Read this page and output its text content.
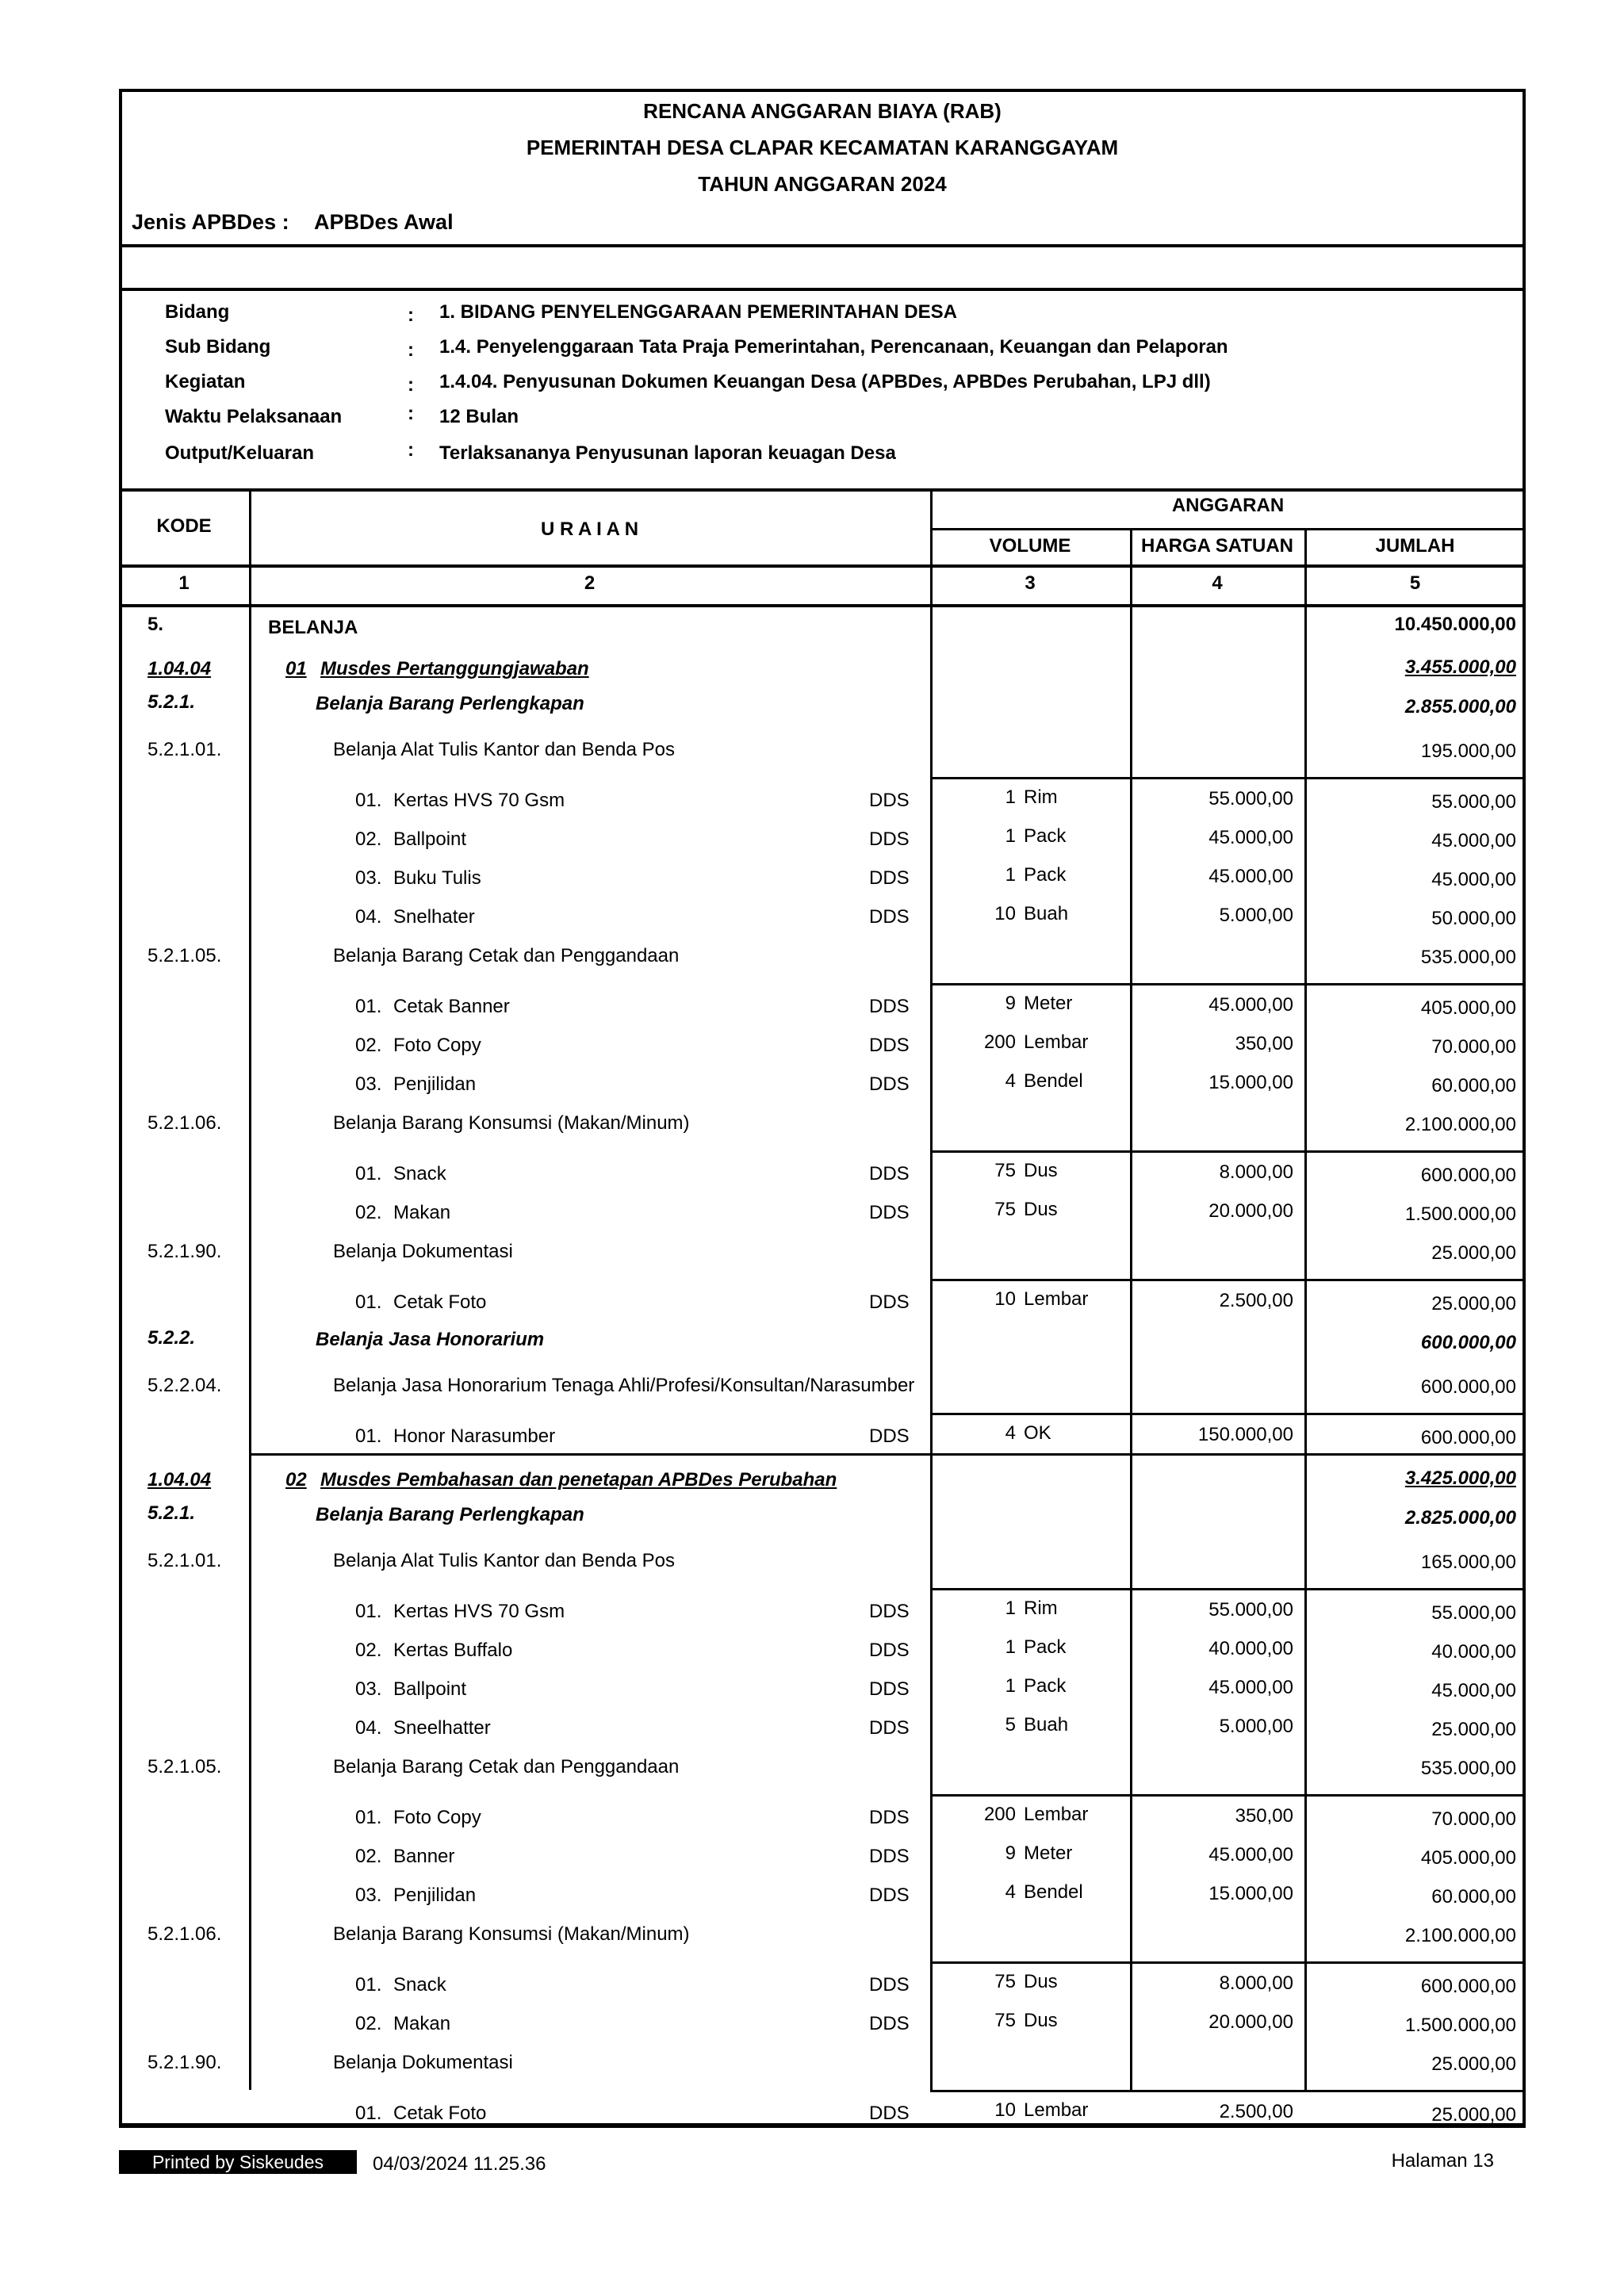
RENCANA ANGGARAN BIAYA (RAB)
PEMERINTAH DESA CLAPAR KECAMATAN KARANGGAYAM
TAHUN ANGGARAN 2024
Jenis APBDes : APBDes Awal
Bidang	: 1. BIDANG PENYELENGGARAAN PEMERINTAHAN DESA
Sub Bidang	: 1.4. Penyelenggaraan Tata Praja Pemerintahan, Perencanaan, Keuangan dan Pelaporan
Kegiatan	: 1.4.04. Penyusunan Dokumen Keuangan Desa (APBDes, APBDes Perubahan, LPJ dll)
Waktu Pelaksanaan	: 12 Bulan
Output/Keluaran	: Terlaksananya Penyusunan laporan keuagan Desa
KODE	U R A I A N
ANGGARAN
VOLUME	HARGA SATUAN	JUMLAH
1	2	3	4	5
5.	BELANJA	10.450.000,00
1.04.04	01 Musdes Pertanggungjawaban	3.455.000,00
5.2.1.	Belanja Barang Perlengkapan	2.855.000,00
5.2.1.01.	Belanja Alat Tulis Kantor dan Benda Pos	195.000,00
01. Kertas HVS 70 Gsm	DDS	1 Rim	55.000,00	55.000,00
02. Ballpoint	DDS	1 Pack	45.000,00	45.000,00
03. Buku Tulis	DDS	1 Pack	45.000,00	45.000,00
04. Snelhater	DDS	10 Buah	5.000,00	50.000,00
5.2.1.05.	Belanja Barang Cetak dan Penggandaan	535.000,00
01. Cetak Banner	DDS	9 Meter	45.000,00	405.000,00
02. Foto Copy	DDS	200 Lembar	350,00	70.000,00
03. Penjilidan	DDS	4 Bendel	15.000,00	60.000,00
5.2.1.06.	Belanja Barang Konsumsi (Makan/Minum)	2.100.000,00
01. Snack	DDS	75 Dus	8.000,00	600.000,00
02. Makan	DDS	75 Dus	20.000,00	1.500.000,00
5.2.1.90.	Belanja Dokumentasi	25.000,00
01. Cetak Foto	DDS	10 Lembar	2.500,00	25.000,00
5.2.2.	Belanja Jasa Honorarium	600.000,00
5.2.2.04.	Belanja Jasa Honorarium Tenaga Ahli/Profesi/Konsultan/Narasumber	600.000,00
01. Honor Narasumber	DDS	4 OK	150.000,00	600.000,00
1.04.04	02 Musdes Pembahasan dan penetapan APBDes Perubahan	3.425.000,00
5.2.1.	Belanja Barang Perlengkapan	2.825.000,00
5.2.1.01.	Belanja Alat Tulis Kantor dan Benda Pos	165.000,00
01. Kertas HVS 70 Gsm	DDS	1 Rim	55.000,00	55.000,00
02. Kertas Buffalo	DDS	1 Pack	40.000,00	40.000,00
03. Ballpoint	DDS	1 Pack	45.000,00	45.000,00
04. Sneelhatter	DDS	5 Buah	5.000,00	25.000,00
5.2.1.05.	Belanja Barang Cetak dan Penggandaan	535.000,00
01. Foto Copy	DDS	200 Lembar	350,00	70.000,00
02. Banner	DDS	9 Meter	45.000,00	405.000,00
03. Penjilidan	DDS	4 Bendel	15.000,00	60.000,00
5.2.1.06.	Belanja Barang Konsumsi (Makan/Minum)	2.100.000,00
01. Snack	DDS	75 Dus	8.000,00	600.000,00
02. Makan	DDS	75 Dus	20.000,00	1.500.000,00
5.2.1.90.	Belanja Dokumentasi	25.000,00
01. Cetak Foto	DDS	10 Lembar	2.500,00	25.000,00
Printed by Siskeudes	04/03/2024 11.25.36	Halaman 13
